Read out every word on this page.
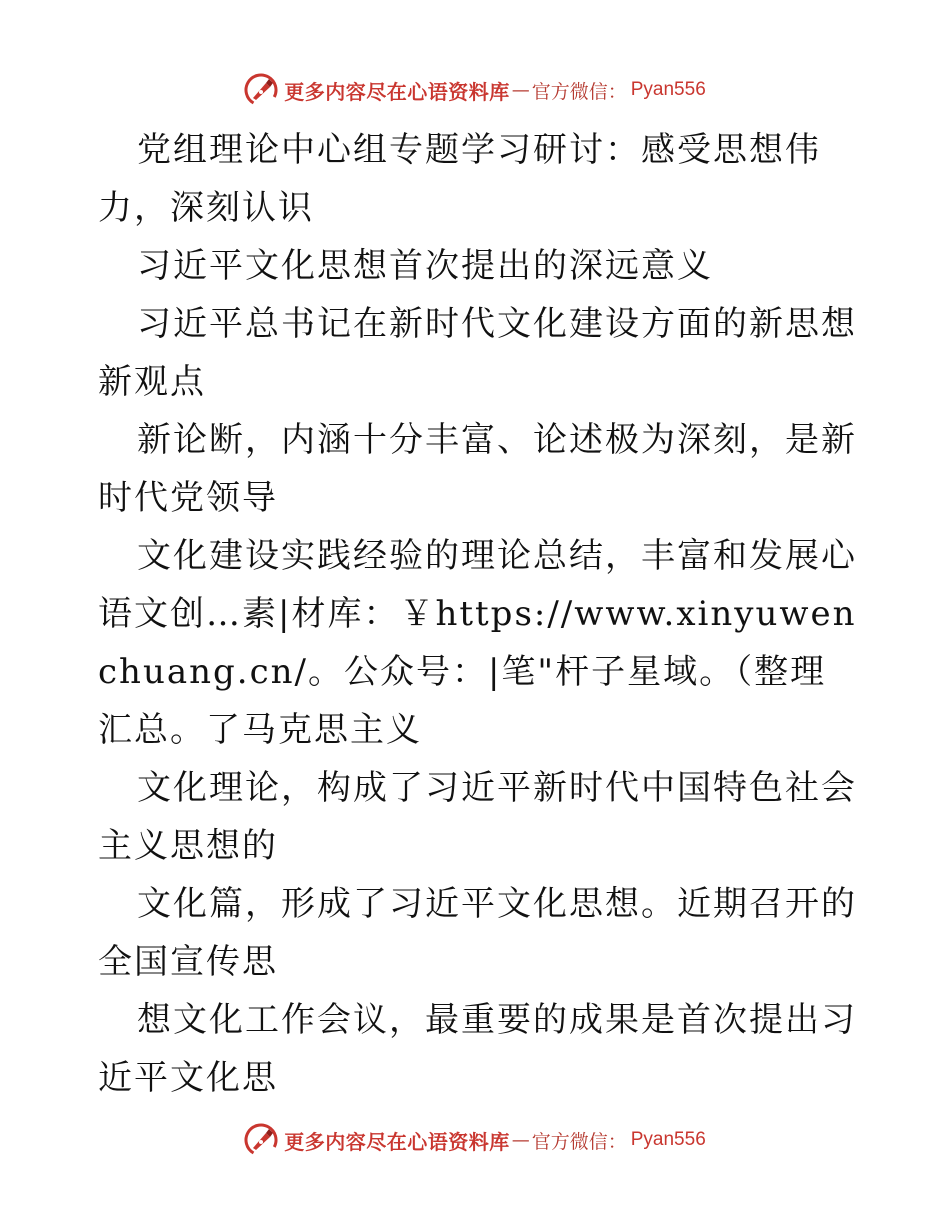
更多内容尽在心语资料库 — 官方微信： Pyan556

党组理论中心组专题学习研讨：感受思想伟力，深刻认识

习近平文化思想首次提出的深远意义

习近平总书记在新时代文化建设方面的新思想新观点

新论断，内涵十分丰富、论述极为深刻，是新时代党领导

文化建设实践经验的理论总结，丰富和发展心语文创…素|材库：￥https://www.xinyuwenchuang.cn/。公众号：|笔"杆子星域。（整理汇总。了马克思主义

文化理论，构成了习近平新时代中国特色社会主义思想的

文化篇，形成了习近平文化思想。近期召开的全国宣传思

想文化工作会议，最重要的成果是首次提出习近平文化思

更多内容尽在心语资料库 — 官方微信： Pyan556
